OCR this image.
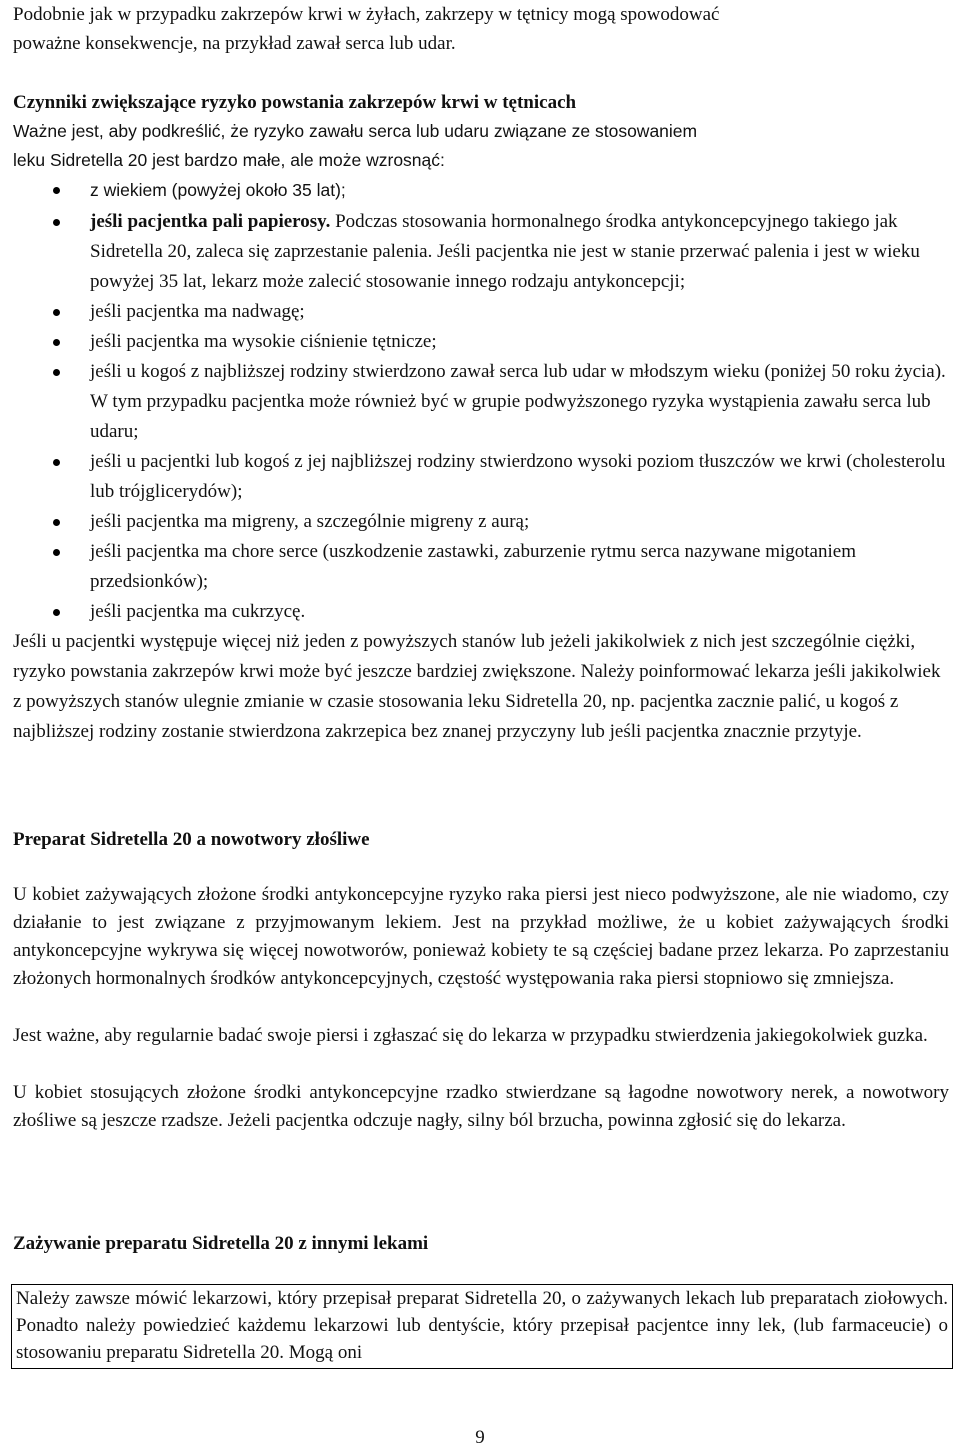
Podobnie jak w przypadku zakrzepów krwi w żyłach, zakrzepy w tętnicy mogą spowodować

poważne konsekwencje, na przykład zawał serca lub udar.

Czynniki zwiększające ryzyko powstania zakrzepów krwi w tętnicach

Ważne jest, aby podkreślić, że ryzyko zawału serca lub udaru związane ze stosowaniem leku Sidretella 20 jest bardzo małe, ale może wzrosnąć:

z wiekiem (powyżej około 35 lat);
jeśli pacjentka pali papierosy. Podczas stosowania hormonalnego środka antykoncepcyjnego takiego jak Sidretella 20, zaleca się zaprzestanie palenia. Jeśli pacjentka nie jest w stanie przerwać palenia i jest w wieku powyżej 35 lat, lekarz może zalecić stosowanie innego rodzaju antykoncepcji;
jeśli pacjentka ma nadwagę;
jeśli pacjentka ma wysokie ciśnienie tętnicze;
jeśli u kogoś z najbliższej rodziny stwierdzono zawał serca lub udar w młodszym wieku (poniżej 50 roku życia). W tym przypadku pacjentka może również być w grupie podwyższonego ryzyka wystąpienia zawału serca lub udaru;
jeśli u pacjentki lub kogoś z jej najbliższej rodziny stwierdzono wysoki poziom tłuszczów we krwi (cholesterolu lub trójglicerydów);
jeśli pacjentka ma migreny, a szczególnie migreny z aurą;
jeśli pacjentka ma chore serce (uszkodzenie zastawki, zaburzenie rytmu serca nazywane migotaniem przedsionków);
jeśli pacjentka ma cukrzycę.

Jeśli u pacjentki występuje więcej niż jeden z powyższych stanów lub jeżeli jakikolwiek z nich jest szczególnie ciężki, ryzyko powstania zakrzepów krwi może być jeszcze bardziej zwiększone. Należy poinformować lekarza jeśli jakikolwiek z powyższych stanów ulegnie zmianie w czasie stosowania leku Sidretella 20, np. pacjentka zacznie palić, u kogoś z najbliższej rodziny zostanie stwierdzona zakrzepica bez znanej przyczyny lub jeśli pacjentka znacznie przytyje.

Preparat Sidretella 20 a nowotwory złośliwe

U kobiet zażywających złożone środki antykoncepcyjne ryzyko raka piersi jest nieco podwyższone, ale nie wiadomo, czy działanie to jest związane z przyjmowanym lekiem. Jest na przykład możliwe, że u kobiet zażywających środki antykoncepcyjne wykrywa się więcej nowotworów, ponieważ kobiety te są częściej badane przez lekarza. Po zaprzestaniu złożonych hormonalnych środków antykoncepcyjnych, częstość występowania raka piersi stopniowo się zmniejsza.

Jest ważne, aby regularnie badać swoje piersi i zgłaszać się do lekarza w przypadku stwierdzenia jakiegokolwiek guzka.

U kobiet stosujących złożone środki antykoncepcyjne rzadko stwierdzane są łagodne nowotwory nerek, a nowotwory złośliwe są jeszcze rzadsze. Jeżeli pacjentka odczuje nagły, silny ból brzucha, powinna zgłosić się do lekarza.

Zażywanie preparatu Sidretella 20 z innymi lekami

Należy zawsze mówić lekarzowi, który przepisał preparat Sidretella 20, o zażywanych lekach lub preparatach ziołowych. Ponadto należy powiedzieć każdemu lekarzowi lub dentyście, który przepisał pacjentce inny lek, (lub farmaceucie) o stosowaniu preparatu Sidretella 20. Mogą oni

9
